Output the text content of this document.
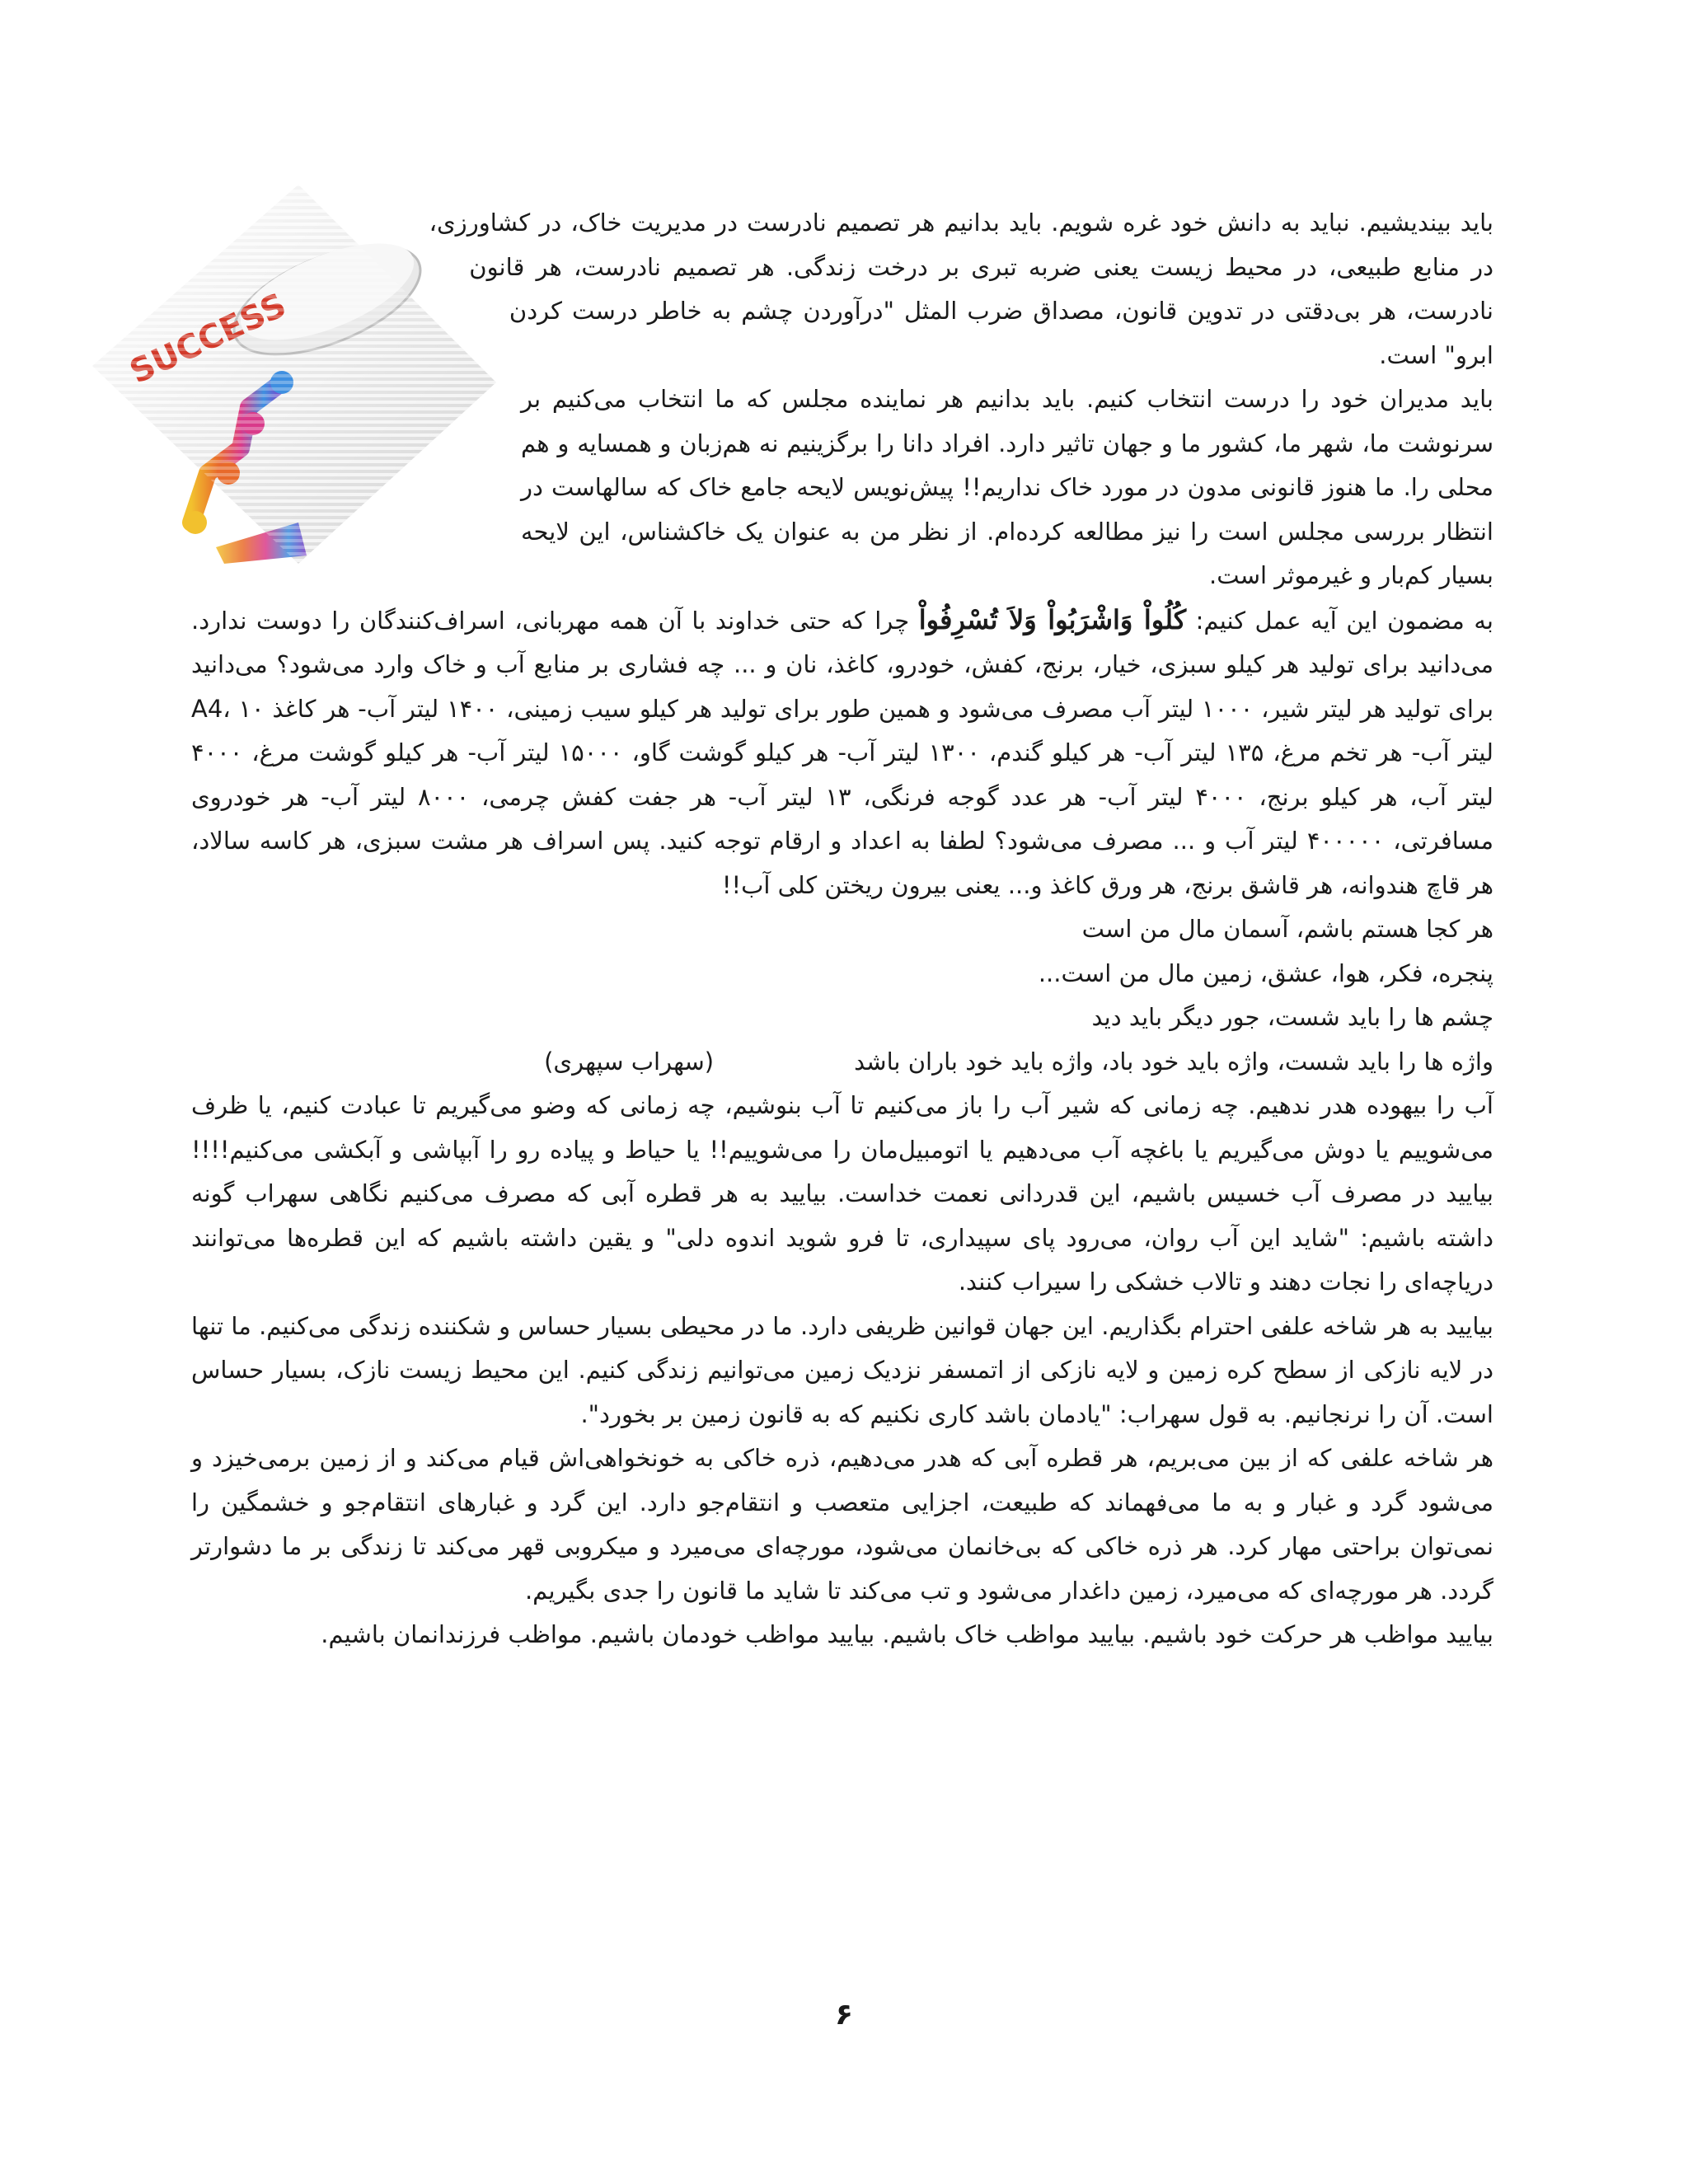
باید بیندیشیم. نباید به دانش خود غره شویم. باید بدانیم هر تصمیم نادرست در مدیریت خاک، در کشاورزی، در منابع طبیعی، در محیط زیست یعنی ضربه تبری بر درخت زندگی. هر تصمیم نادرست، هر قانون نادرست، هر بی‌دقتی در تدوین قانون، مصداق ضرب المثل "درآوردن چشم به خاطر درست کردن ابرو" است.

باید مدیران خود را درست انتخاب کنیم. باید بدانیم هر نماینده مجلس که ما انتخاب می‌کنیم بر سرنوشت ما، شهر ما، کشور ما و جهان تاثیر دارد. افراد دانا را برگزینیم نه هم‌زبان و همسایه و هم محلی را. ما هنوز قانونی مدون در مورد خاک نداریم!! پیش‌نویس لایحه جامع خاک که سالهاست در انتظار بررسی مجلس است را نیز مطالعه کرده‌ام. از نظر من به عنوان یک خاکشناس، این لایحه بسیار کم‌بار و غیرموثر است.

به مضمون این آیه عمل کنیم: كُلُواْ وَاشْرَبُواْ وَلاَ تُسْرِفُواْ چرا که حتی خداوند با آن همه مهربانی، اسراف‌کنندگان را دوست ندارد. می‌دانید برای تولید هر کیلو سبزی، خیار، برنج، کفش، خودرو، کاغذ، نان و ... چه فشاری بر منابع آب و خاک وارد می‌شود؟ می‌دانید برای تولید هر لیتر شیر، ۱۰۰۰ لیتر آب مصرف می‌شود و همین طور برای تولید هر کیلو سیب زمینی، ۱۴۰۰ لیتر آب- هر کاغذ A4، ۱۰ لیتر آب- هر تخم مرغ، ۱۳۵ لیتر آب- هر کیلو گندم، ۱۳۰۰ لیتر آب- هر کیلو گوشت گاو، ۱۵۰۰۰ لیتر آب- هر کیلو گوشت مرغ، ۴۰۰۰ لیتر آب، هر کیلو برنج، ۴۰۰۰ لیتر آب- هر عدد گوجه فرنگی، ۱۳ لیتر آب- هر جفت کفش چرمی، ۸۰۰۰ لیتر آب- هر خودروی مسافرتی، ۴۰۰۰۰۰ لیتر آب و ... مصرف می‌شود؟ لطفا به اعداد و ارقام توجه کنید. پس اسراف هر مشت سبزی، هر کاسه سالاد، هر قاچ هندوانه، هر قاشق برنج، هر ورق کاغذ و... یعنی بیرون ریختن کلی آب!!

هر کجا هستم باشم، آسمان مال من است
پنجره، فکر، هوا، عشق، زمین مال من است...
چشم ها را باید شست، جور دیگر باید دید
واژه ها را باید شست، واژه باید خود باد، واژه باید خود باران باشد(سهراب سپهری)

آب را بیهوده هدر ندهیم. چه زمانی که شیر آب را باز می‌کنیم تا آب بنوشیم، چه زمانی که وضو می‌گیریم تا عبادت کنیم، یا ظرف می‌شوییم یا دوش می‌گیریم یا باغچه آب می‌دهیم یا اتومبیل‌مان را می‌شوییم!! یا حیاط و پیاده رو را آبپاشی و آبکشی می‌کنیم!!!! بیایید در مصرف آب خسیس باشیم، این قدردانی نعمت خداست. بیایید به هر قطره آبی که مصرف می‌کنیم نگاهی سهراب گونه داشته باشیم: "شاید این آب روان، می‌رود پای سپیداری، تا فرو شوید اندوه دلی" و یقین داشته باشیم که این قطره‌ها می‌توانند دریاچه‌ای را نجات دهند و تالاب خشکی را سیراب کنند.

بیایید به هر شاخه علفی احترام بگذاریم. این جهان قوانین ظریفی دارد. ما در محیطی بسیار حساس و شکننده زندگی می‌کنیم. ما تنها در لایه نازکی از سطح کره زمین و لایه نازکی از اتمسفر نزدیک زمین می‌توانیم زندگی کنیم. این محیط زیست نازک، بسیار حساس است. آن را نرنجانیم. به قول سهراب: "یادمان باشد کاری نکنیم که به قانون زمین بر بخورد".

هر شاخه علفی که از بین می‌بریم، هر قطره آبی که هدر می‌دهیم، ذره خاکی به خونخواهی‌اش قیام می‌کند و از زمین برمی‌خیزد و می‌شود گرد و غبار و به ما می‌فهماند که طبیعت، اجزایی متعصب و انتقام‌جو دارد. این گرد و غبارهای انتقام‌جو و خشمگین را نمی‌توان براحتی مهار کرد. هر ذره خاکی که بی‌خانمان می‌شود، مورچه‌ای می‌میرد و میکروبی قهر می‌کند تا زندگی بر ما دشوارتر گردد. هر مورچه‌ای که می‌میرد، زمین داغدار می‌شود و تب می‌کند تا شاید ما قانون را جدی بگیریم.

بیایید مواظب هر حرکت خود باشیم. بیایید مواظب خاک باشیم. بیایید مواظب خودمان باشیم. مواظب فرزندانمان باشیم.

۶
